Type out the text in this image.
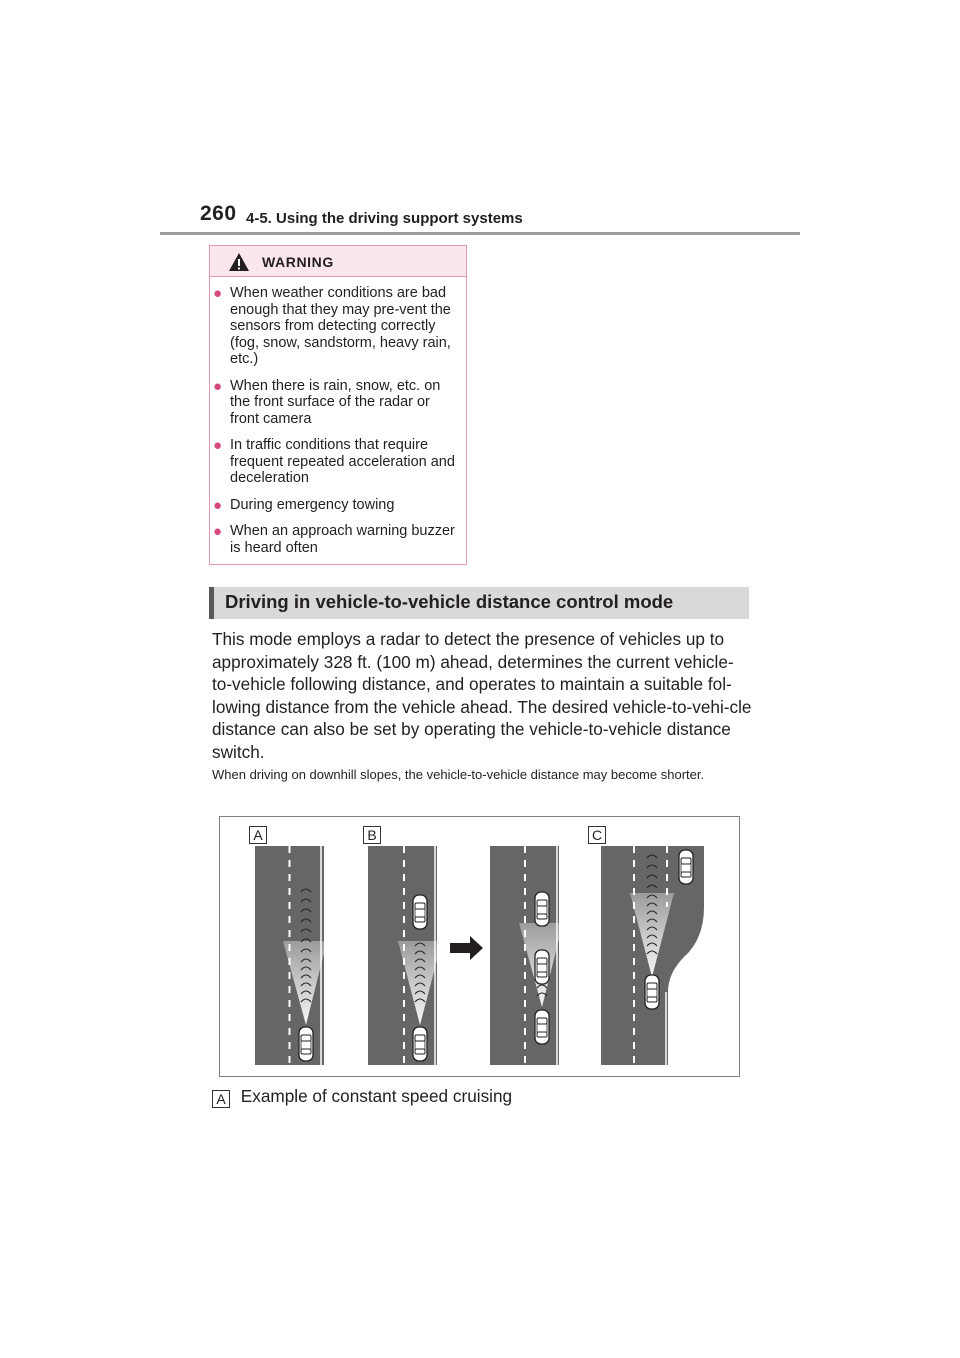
260 4-5. Using the driving support systems
WARNING
● When weather conditions are bad enough that they may pre-vent the sensors from detecting correctly (fog, snow, sandstorm, heavy rain, etc.)
● When there is rain, snow, etc. on the front surface of the radar or front camera
● In traffic conditions that require frequent repeated acceleration and deceleration
● During emergency towing
● When an approach warning buzzer is heard often
Driving in vehicle-to-vehicle distance control mode
This mode employs a radar to detect the presence of vehicles up to approximately 328 ft. (100 m) ahead, determines the current vehicle-to-vehicle following distance, and operates to maintain a suitable fol-lowing distance from the vehicle ahead. The desired vehicle-to-vehi-cle distance can also be set by operating the vehicle-to-vehicle distance switch.
When driving on downhill slopes, the vehicle-to-vehicle distance may become shorter.
A	B	C
A Example of constant speed cruising
